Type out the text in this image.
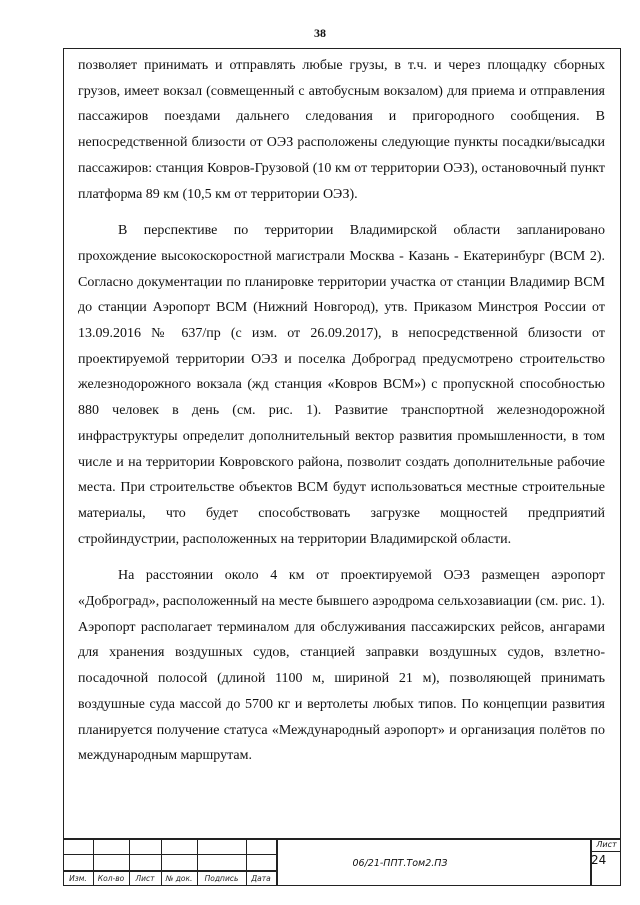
38

позволяет принимать и отправлять любые грузы, в т.ч. и через площадку сборных грузов, имеет вокзал (совмещенный с автобусным вокзалом) для приема и отправления пассажиров поездами дальнего следования и пригородного сообщения. В непосредственной близости от ОЭЗ расположены следующие пункты посадки/высадки пассажиров: станция Ковров-Грузовой (10 км от территории ОЭЗ), остановочный пункт платформа 89 км (10,5 км от территории ОЭЗ).

В перспективе по территории Владимирской области запланировано прохождение высокоскоростной магистрали Москва - Казань - Екатеринбург (ВСМ 2). Согласно документации по планировке территории участка от станции Владимир ВСМ до станции Аэропорт ВСМ (Нижний Новгород), утв. Приказом Минстроя России от 13.09.2016 № 637/пр (с изм. от 26.09.2017), в непосредственной близости от проектируемой территории ОЭЗ и поселка Доброград предусмотрено строительство железнодорожного вокзала (жд станция «Ковров ВСМ») с пропускной способностью 880 человек в день (см. рис. 1). Развитие транспортной железнодорожной инфраструктуры определит дополнительный вектор развития промышленности, в том числе и на территории Ковровского района, позволит создать дополнительные рабочие места. При строительстве объектов ВСМ будут использоваться местные строительные материалы, что будет способствовать загрузке мощностей предприятий стройиндустрии, расположенных на территории Владимирской области.

На расстоянии около 4 км от проектируемой ОЭЗ размещен аэропорт «Доброград», расположенный на месте бывшего аэродрома сельхозавиации (см. рис. 1). Аэропорт располагает терминалом для обслуживания пассажирских рейсов, ангарами для хранения воздушных судов, станцией заправки воздушных судов, взлетно-посадочной полосой (длиной 1100 м, шириной 21 м), позволяющей принимать воздушные суда массой до 5700 кг и вертолеты любых типов. По концепции развития планируется получение статуса «Международный аэропорт» и организация полётов по международным маршрутам.

Изм.	Кол-во	Лист	№ док.	Подпись	Дата
06/21-ППТ.Том2.ПЗ
Лист
24
